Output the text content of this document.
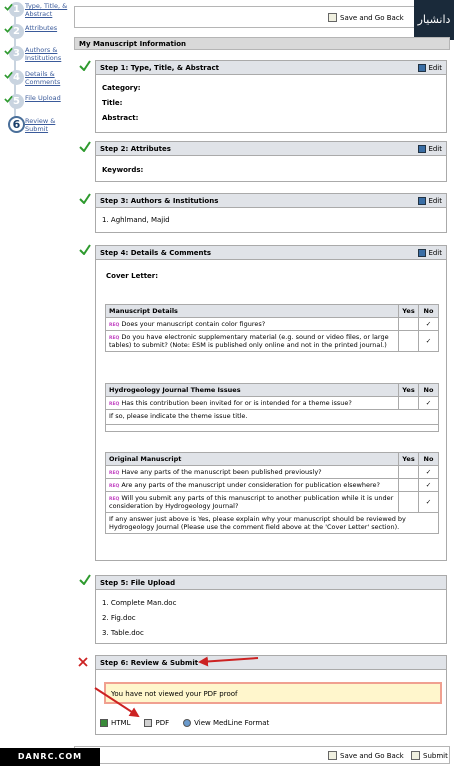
1 Type, Title, & Abstract
2 Attributes
3 Authors & Institutions
4 Details & Comments
5 File Upload
6 Review & Submit
Save and Go Back	دانشیار
My Manuscript Information
Step 1: Type, Title, & Abstract	Edit
Category:
Title:
Abstract:
Step 2: Attributes	Edit
Keywords:
Step 3: Authors & Institutions	Edit
1. Aghlmand, Majid
Step 4: Details & Comments	Edit
Cover Letter:
Manuscript Details	Yes	No
REQ Does your manuscript contain color figures?		✓
REQ Do you have electronic supplementary material (e.g. sound or video files, or large tables) to submit? (Note: ESM is published only online and not in the printed journal.)		✓
Hydrogeology Journal Theme Issues	Yes	No
REQ Has this contribution been invited for or is intended for a theme issue?		✓
If so, please indicate the theme issue title.		

Original Manuscript	Yes	No
REQ Have any parts of the manuscript been published previously?		✓
REQ Are any parts of the manuscript under consideration for publication elsewhere?		✓
REQ Will you submit any parts of this manuscript to another publication while it is under consideration by Hydrogeology Journal?		✓
If any answer just above is Yes, please explain why your manuscript should be reviewed by Hydrogeology Journal (Please use the comment field above at the 'Cover Letter' section).		
Step 5: File Upload
1. Complete Man.doc
2. Fig.doc
3. Table.doc
Step 6: Review & Submit
You have not viewed your PDF proof
HTML	PDF	View MedLine Format
Save and Go Back	Submit
DANRC.COM
